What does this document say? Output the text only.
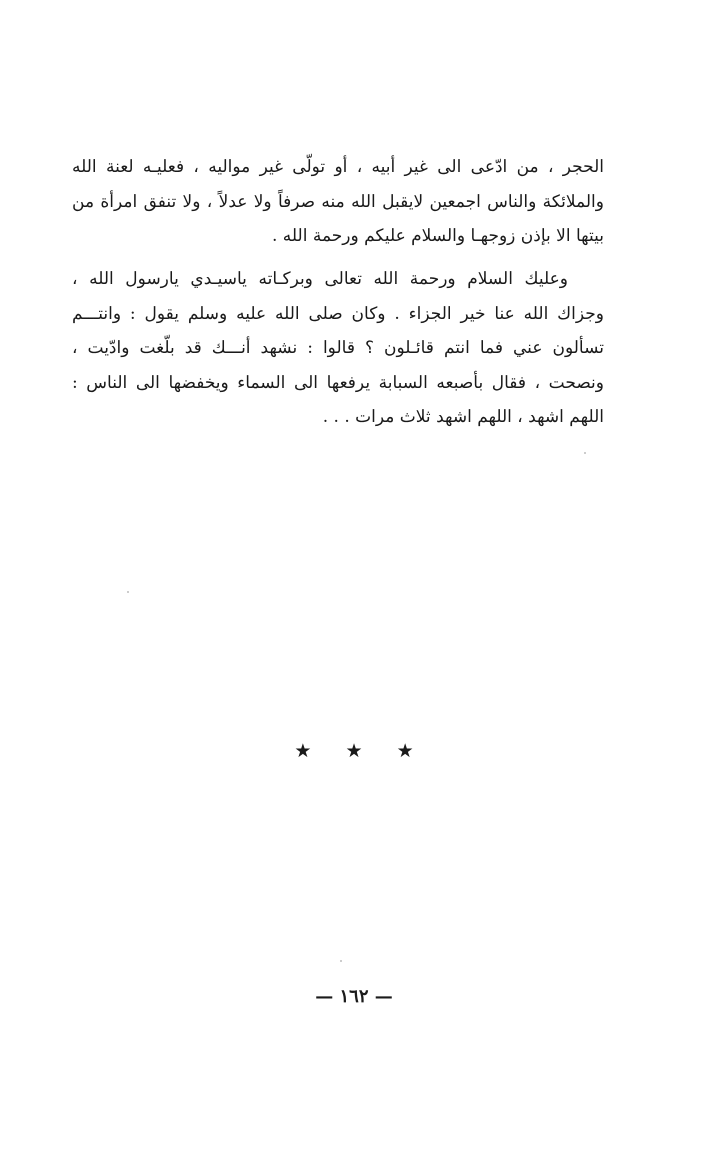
الحجر ، من ادّعى الى غير أبيه ، أو تولّى غير مواليه ، فعليـه لعنة الله
والملائكة والناس اجمعين لايقبل الله منه صرفاً ولا عدلاً ، ولا تنفق امرأة من
بيتها الا بإذن زوجهـا والسلام عليكم ورحمة الله .
وعليك السلام ورحمة الله تعالى وبركـاته ياسيـدي يارسول الله ،
وجزاك الله عنا خير الجزاء . وكان صلى الله عليه وسلم يقول : وانتـــم
تسألون عني فما انتم قائـلون ؟ قالوا : نشهد أنـــك قد بلّغت وادّيت ،
ونصحت ، فقال بأصبعه السبابة يرفعها الى السماء ويخفضها الى الناس :
اللهم اشهد ، اللهم اشهد ثلاث مرات . . .
★ ★ ★
— ١٦٢ —
